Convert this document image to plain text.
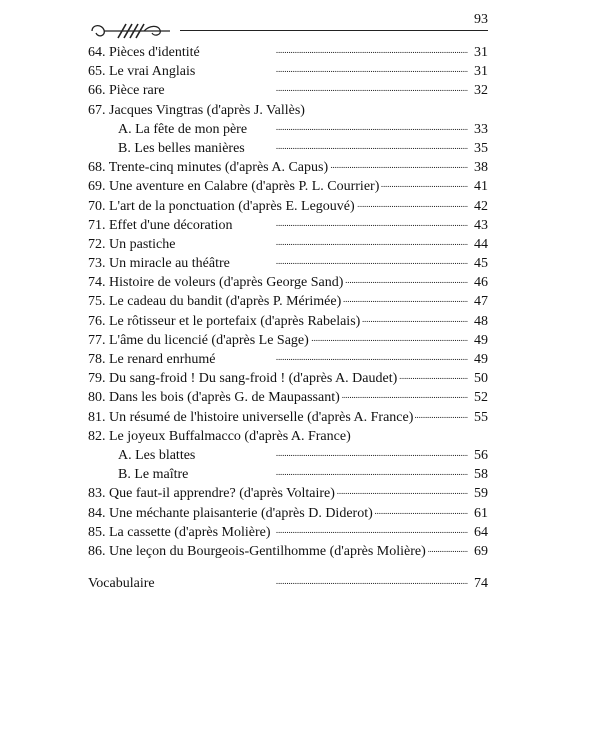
93
64. Pièces d'identité . . .	31
65. Le vrai Anglais . . .	31
66. Pièce rare . . .	32
67. Jacques Vingtras (d'après J. Vallès)
A. La fête de mon père . . .	33
B. Les belles manières . . .	35
68. Trente-cinq minutes (d'après A. Capus) . . .	38
69. Une aventure en Calabre (d'après P. L. Courrier) . . .	41
70. L'art de la ponctuation (d'après E. Legouvé) . . .	42
71. Effet d'une décoration . . .	43
72. Un pastiche . . .	44
73. Un miracle au théâtre . . .	45
74. Histoire de voleurs (d'après George Sand) . . .	46
75. Le cadeau du bandit (d'après P. Mérimée) . . .	47
76. Le rôtisseur et le portefaix (d'après Rabelais) . . .	48
77. L'âme du licencié (d'après Le Sage) . . .	49
78. Le renard enrhumé . . .	49
79. Du sang-froid ! Du sang-froid ! (d'après A. Daudet) . . .	50
80. Dans les bois (d'après G. de Maupassant) . . .	52
81. Un résumé de l'histoire universelle (d'après A. France) . . .	55
82. Le joyeux Buffalmacco (d'après A. France)
A. Les blattes . . .	56
B. Le maître . . .	58
83. Que faut-il apprendre? (d'après Voltaire) . . .	59
84. Une méchante plaisanterie (d'après D. Diderot) . . .	61
85. La cassette (d'après Molière) . . .	64
86. Une leçon du Bourgeois-Gentilhomme (d'après Molière) . . .	69
Vocabulaire . . .	74
